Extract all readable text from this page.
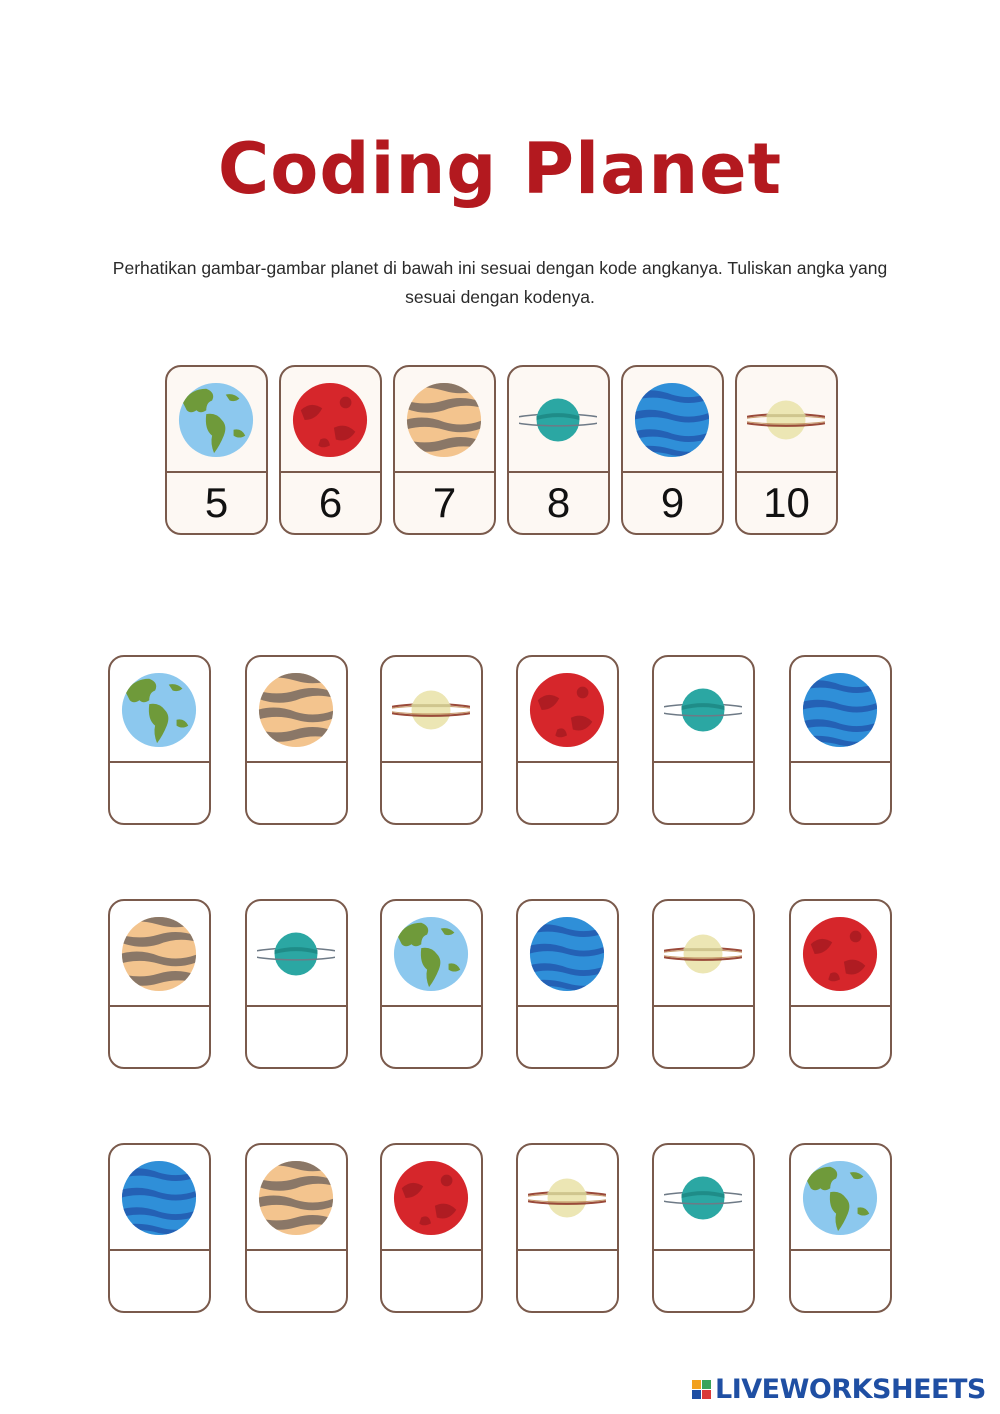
Coding Planet
Perhatikan gambar-gambar planet di bawah ini sesuai dengan kode angkanya. Tuliskan angka yang sesuai dengan kodenya.
5	6	7	8	9	10
LIVEWORKSHEETS
